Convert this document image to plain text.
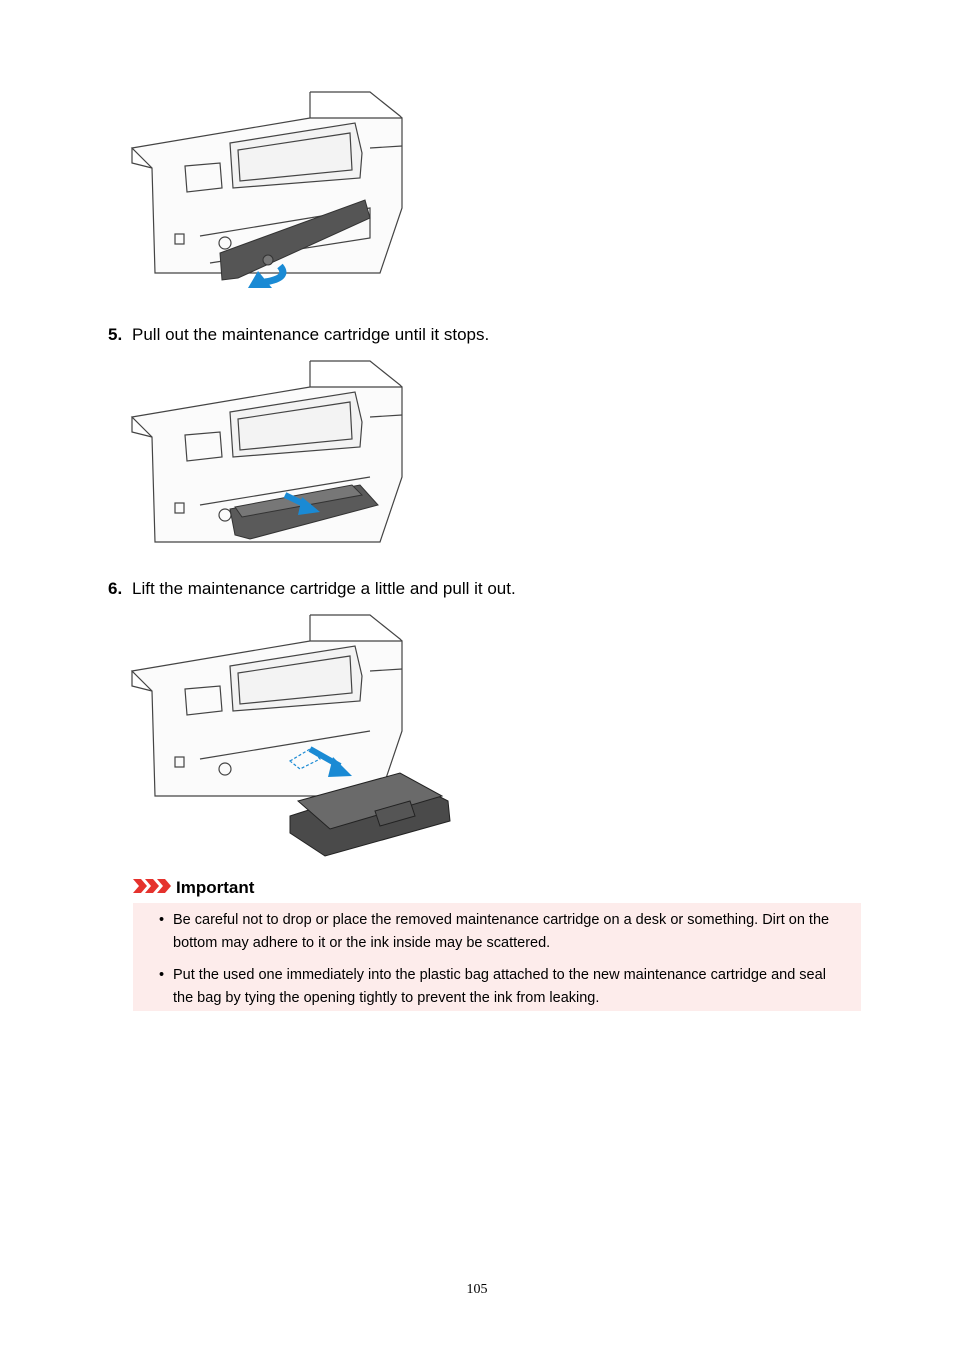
5. Pull out the maintenance cartridge until it stops.
6. Lift the maintenance cartridge a little and pull it out.
Important
• Be careful not to drop or place the removed maintenance cartridge on a desk or something. Dirt on the bottom may adhere to it or the ink inside may be scattered.
• Put the used one immediately into the plastic bag attached to the new maintenance cartridge and seal the bag by tying the opening tightly to prevent the ink from leaking.
105
